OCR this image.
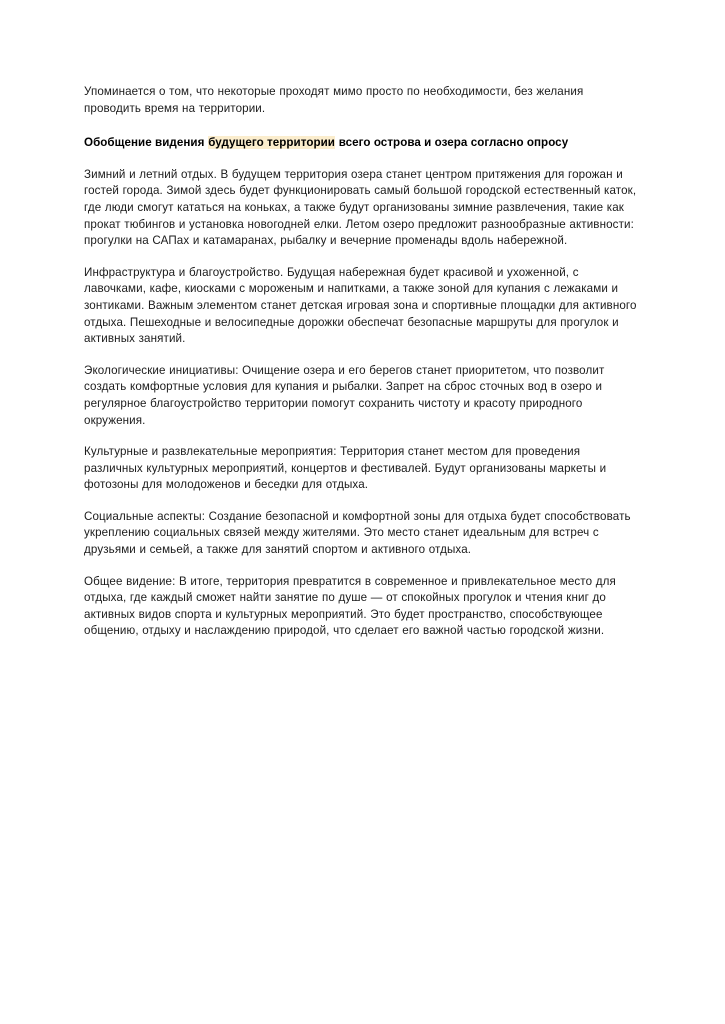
Упоминается о том, что некоторые проходят мимо просто по необходимости, без желания проводить время на территории.

Обобщение видения будущего территории всего острова и озера согласно опросу

Зимний и летний отдых. В будущем территория озера станет центром притяжения для горожан и гостей города. Зимой здесь будет функционировать самый большой городской естественный каток, где люди смогут кататься на коньках, а также будут организованы зимние развлечения, такие как прокат тюбингов и установка новогодней елки. Летом озеро предложит разнообразные активности: прогулки на САПах и катамаранах, рыбалку и вечерние променады вдоль набережной.

Инфраструктура и благоустройство. Будущая набережная будет красивой и ухоженной, с лавочками, кафе, киосками с мороженым и напитками, а также зоной для купания с лежаками и зонтиками. Важным элементом станет детская игровая зона и спортивные площадки для активного отдыха. Пешеходные и велосипедные дорожки обеспечат безопасные маршруты для прогулок и активных занятий.

Экологические инициативы: Очищение озера и его берегов станет приоритетом, что позволит создать комфортные условия для купания и рыбалки. Запрет на сброс сточных вод в озеро и регулярное благоустройство территории помогут сохранить чистоту и красоту природного окружения.

Культурные и развлекательные мероприятия: Территория станет местом для проведения различных культурных мероприятий, концертов и фестивалей. Будут организованы маркеты и фотозоны для молодоженов и беседки для отдыха.

Социальные аспекты: Создание безопасной и комфортной зоны для отдыха будет способствовать укреплению социальных связей между жителями. Это место станет идеальным для встреч с друзьями и семьей, а также для занятий спортом и активного отдыха.

Общее видение: В итоге, территория превратится в современное и привлекательное место для отдыха, где каждый сможет найти занятие по душе — от спокойных прогулок и чтения книг до активных видов спорта и культурных мероприятий. Это будет пространство, способствующее общению, отдыху и наслаждению природой, что сделает его важной частью городской жизни.
